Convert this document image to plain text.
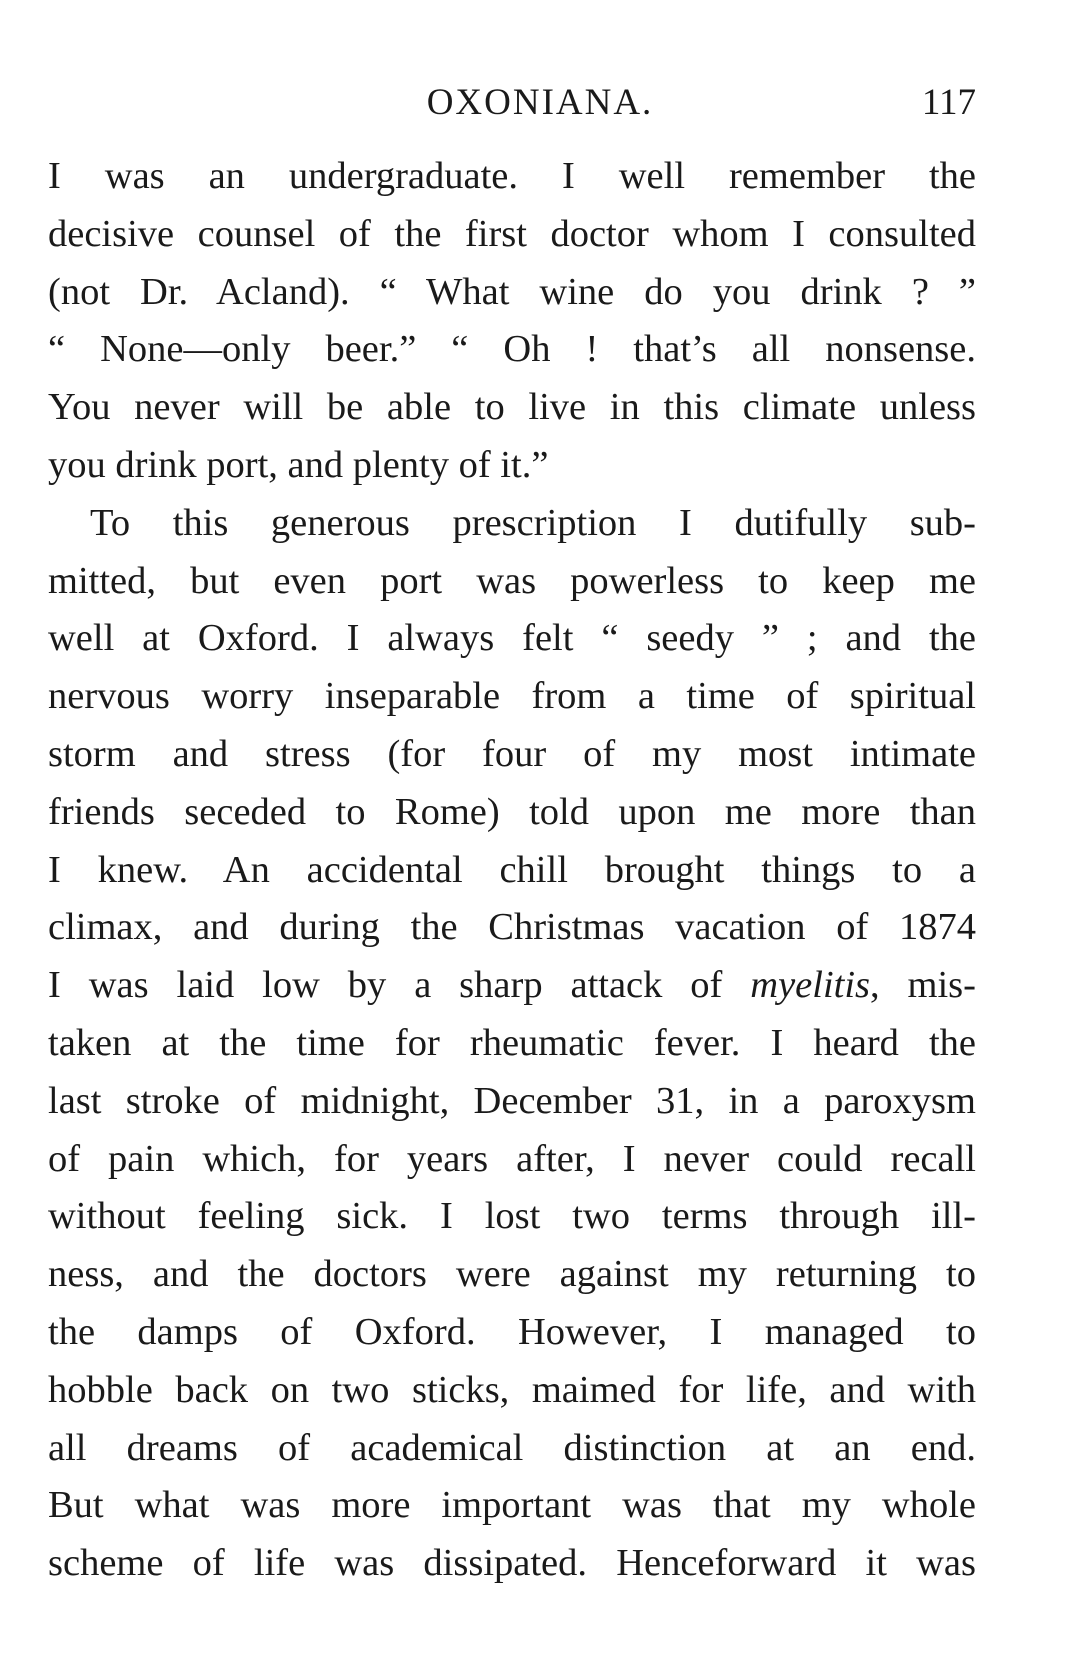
OXONIANA.	117
I was an undergraduate. I well remember the
decisive counsel of the first doctor whom I consulted
(not Dr. Acland). “ What wine do you drink ? ”
“ None—only beer.” “ Oh ! that’s all nonsense.
You never will be able to live in this climate unless
you drink port, and plenty of it.”
To this generous prescription I dutifully sub-
mitted, but even port was powerless to keep me
well at Oxford. I always felt “ seedy ” ; and the
nervous worry inseparable from a time of spiritual
storm and stress (for four of my most intimate
friends seceded to Rome) told upon me more than
I knew. An accidental chill brought things to a
climax, and during the Christmas vacation of 1874
I was laid low by a sharp attack of myelitis, mis-
taken at the time for rheumatic fever. I heard the
last stroke of midnight, December 31, in a paroxysm
of pain which, for years after, I never could recall
without feeling sick. I lost two terms through ill-
ness, and the doctors were against my returning to
the damps of Oxford. However, I managed to
hobble back on two sticks, maimed for life, and with
all dreams of academical distinction at an end.
But what was more important was that my whole
scheme of life was dissipated. Henceforward it was
